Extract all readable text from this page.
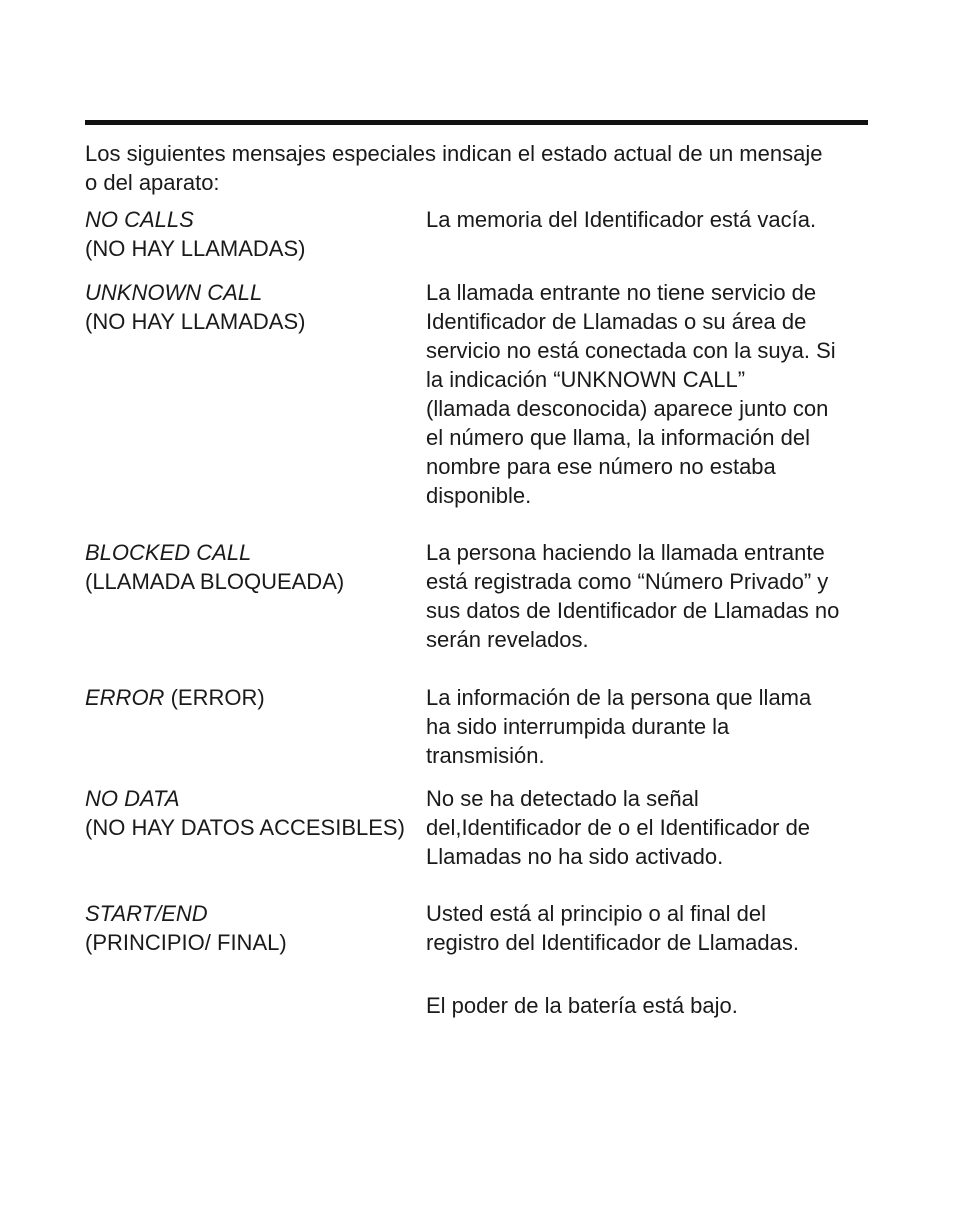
Los siguientes mensajes especiales indican el estado actual de un mensaje
o del aparato:

NO CALLS
(NO HAY LLAMADAS)

La memoria del Identificador está vacía.

UNKNOWN CALL
(NO HAY LLAMADAS)

La llamada entrante no tiene servicio de
Identificador de Llamadas o su área de
servicio no está conectada con la suya. Si
la indicación “UNKNOWN CALL”
(llamada desconocida) aparece junto con
el número que llama, la información del
nombre para ese número no estaba
disponible.

BLOCKED CALL
(LLAMADA BLOQUEADA)

La persona haciendo la llamada entrante
está registrada como “Número Privado” y
sus datos de Identificador de Llamadas no
serán revelados.

ERROR (ERROR)	La información de la persona que llama
ha sido interrumpida durante la
transmisión.

NO DATA
(NO HAY DATOS ACCESIBLES)

No se ha detectado la señal
del,Identificador de o el Identificador de
Llamadas no ha sido activado.

START/END
(PRINCIPIO/ FINAL)

Usted está al principio o al final del
registro del Identificador de Llamadas.

El poder de la batería está bajo.
